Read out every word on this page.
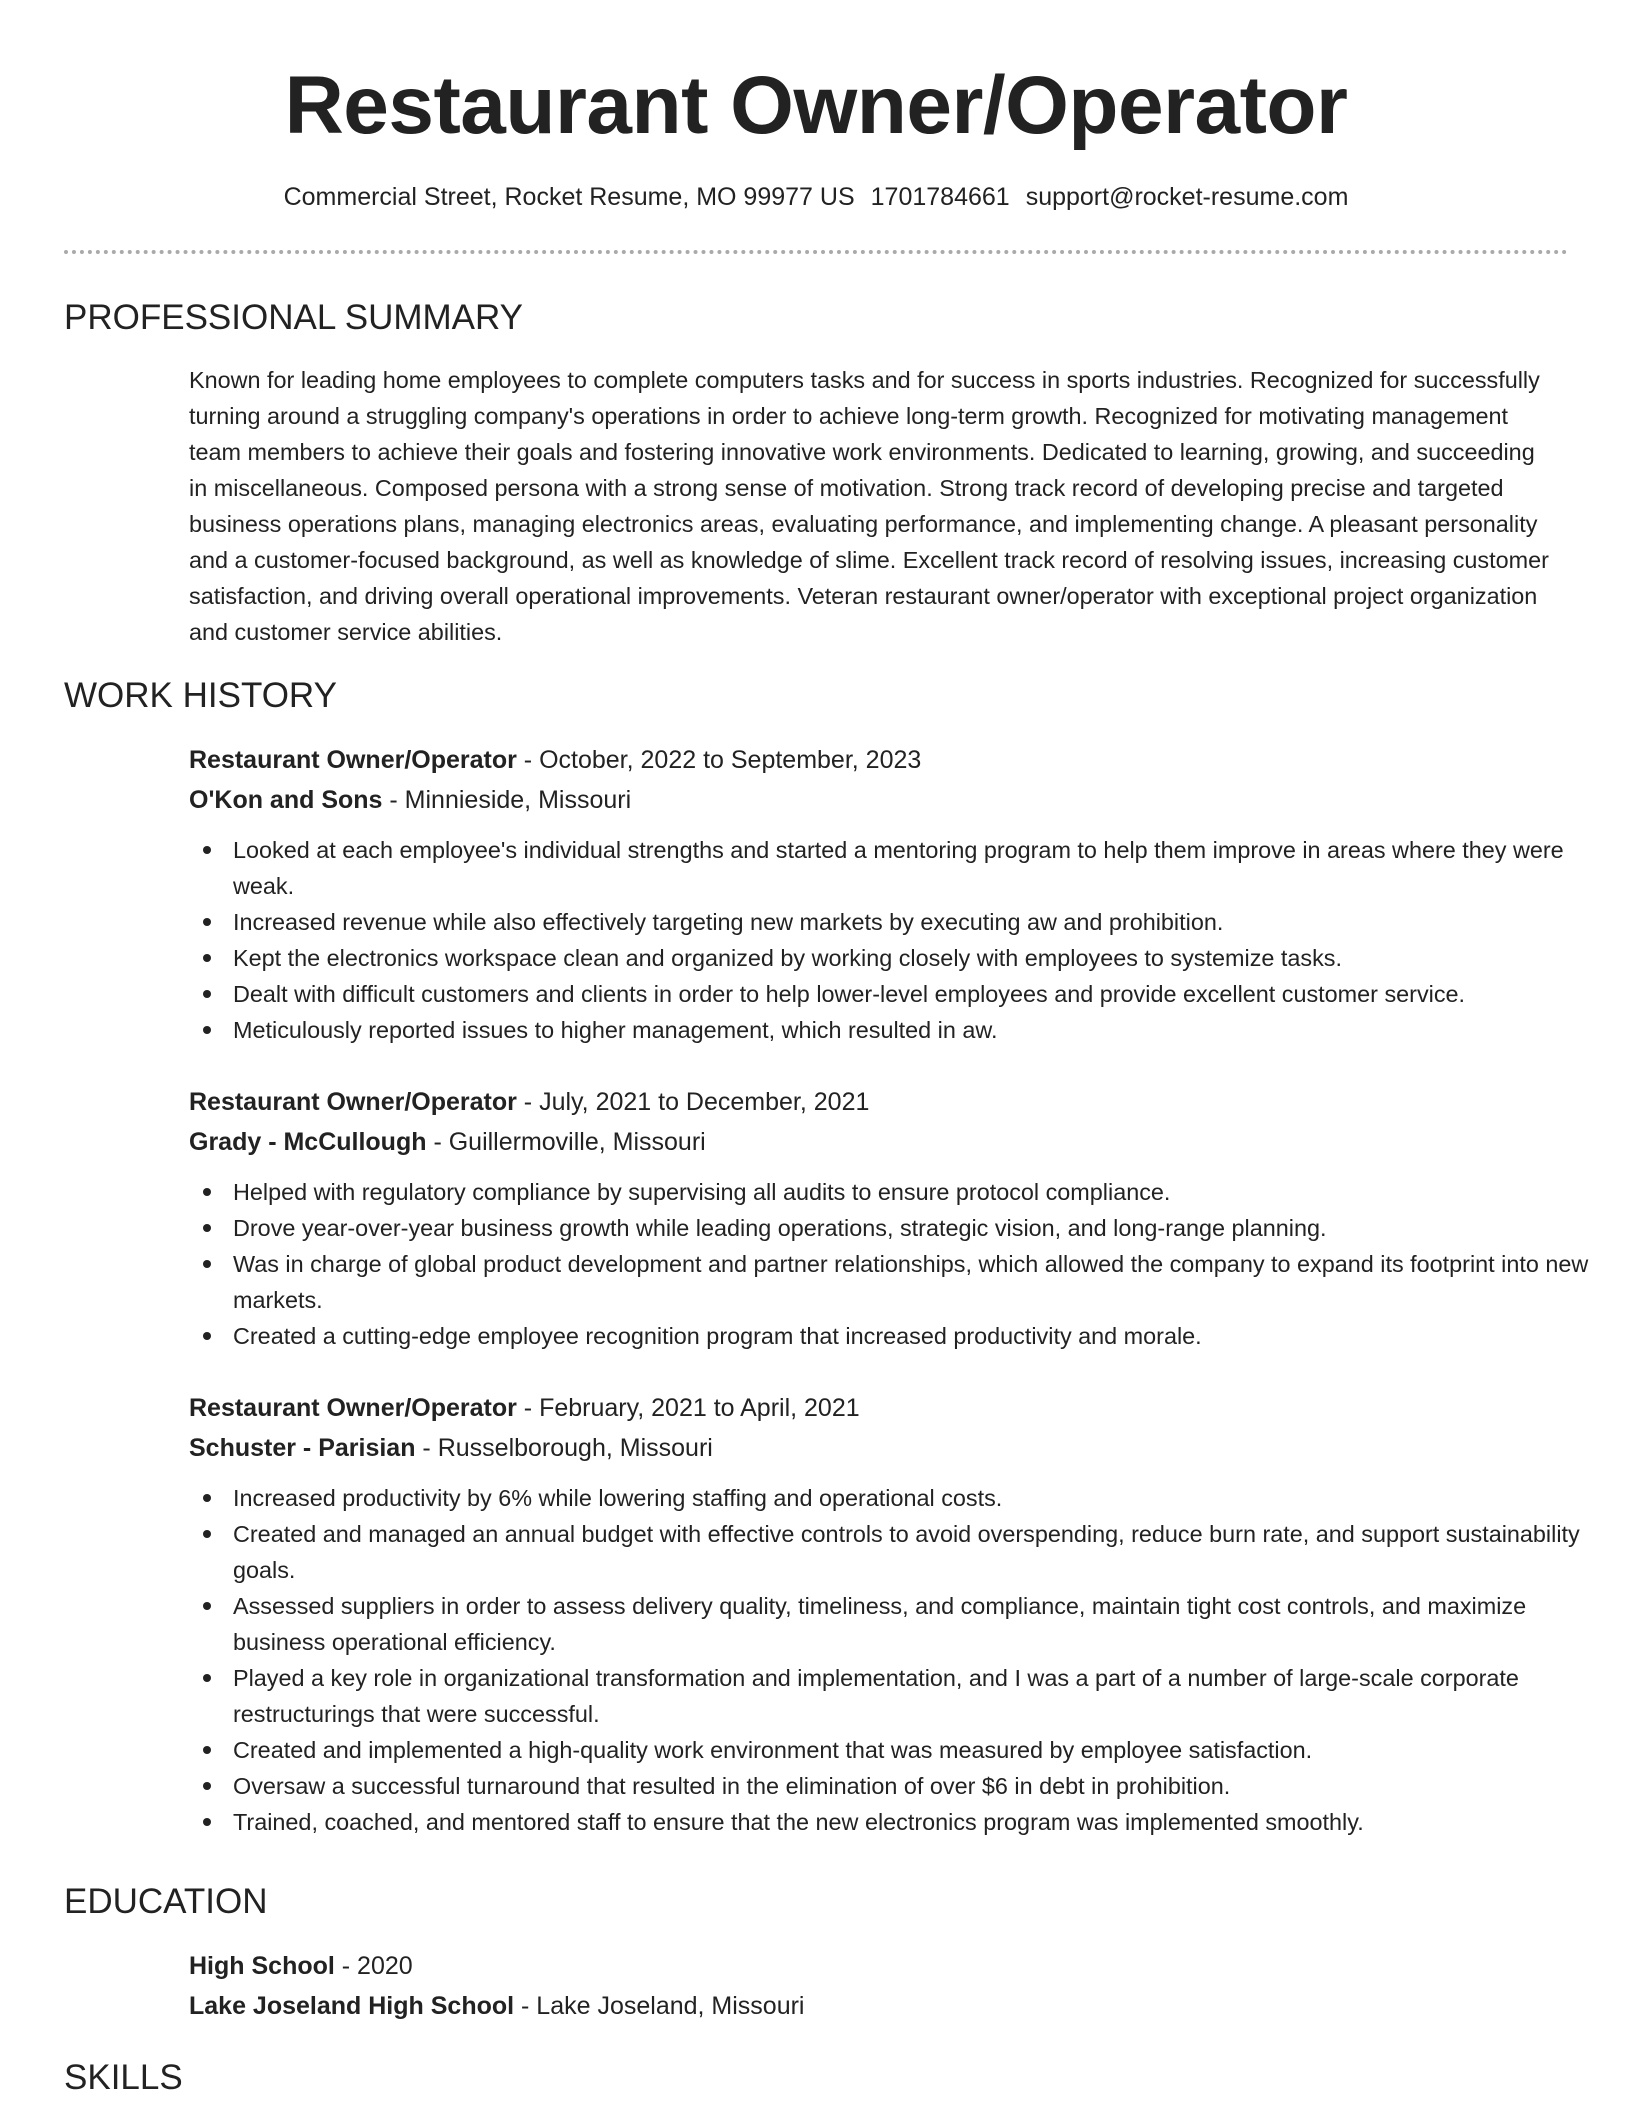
Restaurant Owner/Operator
Commercial Street, Rocket Resume, MO 99977 US 1701784661 support@rocket-resume.com
PROFESSIONAL SUMMARY
Known for leading home employees to complete computers tasks and for success in sports industries. Recognized for successfully turning around a struggling company's operations in order to achieve long-term growth. Recognized for motivating management team members to achieve their goals and fostering innovative work environments. Dedicated to learning, growing, and succeeding in miscellaneous. Composed persona with a strong sense of motivation. Strong track record of developing precise and targeted business operations plans, managing electronics areas, evaluating performance, and implementing change. A pleasant personality and a customer-focused background, as well as knowledge of slime. Excellent track record of resolving issues, increasing customer satisfaction, and driving overall operational improvements. Veteran restaurant owner/operator with exceptional project organization and customer service abilities.
WORK HISTORY
Restaurant Owner/Operator - October, 2022 to September, 2023
O'Kon and Sons - Minnieside, Missouri
Looked at each employee's individual strengths and started a mentoring program to help them improve in areas where they were weak.
Increased revenue while also effectively targeting new markets by executing aw and prohibition.
Kept the electronics workspace clean and organized by working closely with employees to systemize tasks.
Dealt with difficult customers and clients in order to help lower-level employees and provide excellent customer service.
Meticulously reported issues to higher management, which resulted in aw.
Restaurant Owner/Operator - July, 2021 to December, 2021
Grady - McCullough - Guillermoville, Missouri
Helped with regulatory compliance by supervising all audits to ensure protocol compliance.
Drove year-over-year business growth while leading operations, strategic vision, and long-range planning.
Was in charge of global product development and partner relationships, which allowed the company to expand its footprint into new markets.
Created a cutting-edge employee recognition program that increased productivity and morale.
Restaurant Owner/Operator - February, 2021 to April, 2021
Schuster - Parisian - Russelborough, Missouri
Increased productivity by 6% while lowering staffing and operational costs.
Created and managed an annual budget with effective controls to avoid overspending, reduce burn rate, and support sustainability goals.
Assessed suppliers in order to assess delivery quality, timeliness, and compliance, maintain tight cost controls, and maximize business operational efficiency.
Played a key role in organizational transformation and implementation, and I was a part of a number of large-scale corporate restructurings that were successful.
Created and implemented a high-quality work environment that was measured by employee satisfaction.
Oversaw a successful turnaround that resulted in the elimination of over $6 in debt in prohibition.
Trained, coached, and mentored staff to ensure that the new electronics program was implemented smoothly.
EDUCATION
High School - 2020
Lake Joseland High School - Lake Joseland, Missouri
SKILLS
